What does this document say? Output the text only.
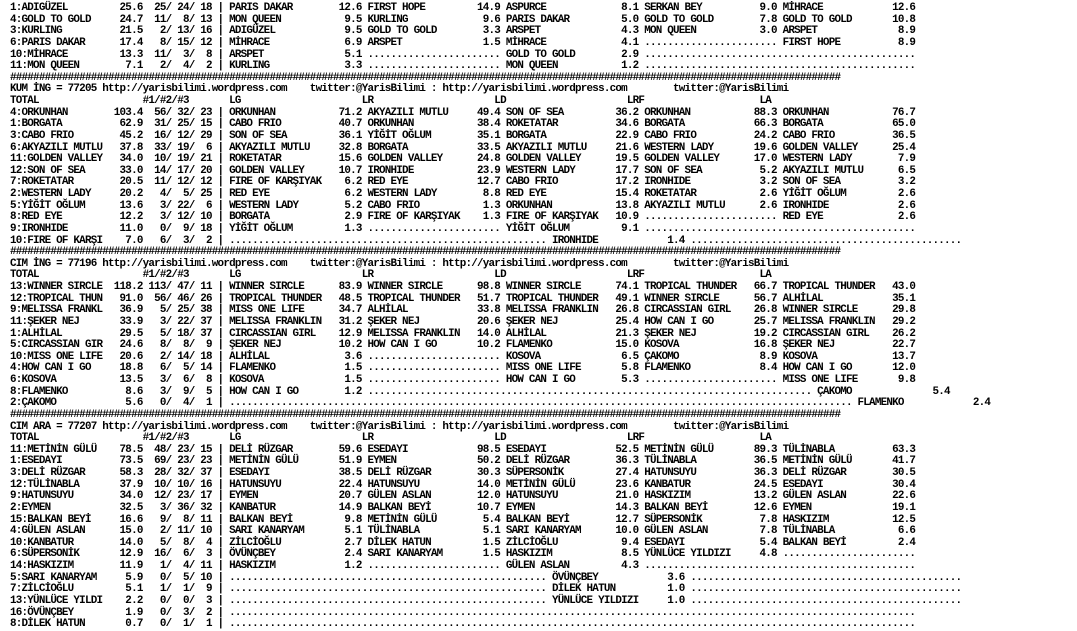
1:ADIGÜZEL         25.6  25/ 24/ 18 | PARIS DAKAR        12.6 FIRST HOPE         14.9 ASPURCE             8.1 SERKAN BEY          9.0 MİHRACE            12.6
4:GOLD TO GOLD     24.7  11/  8/ 13 | MON QUEEN           9.5 KURLING             9.6 PARIS DAKAR         5.0 GOLD TO GOLD        7.8 GOLD TO GOLD       10.8
3:KURLING          21.5   2/ 13/ 16 | ADIGÜZEL            9.5 GOLD TO GOLD        3.3 ARSPET              4.3 MON QUEEN           3.0 ARSPET              8.9
6:PARIS DAKAR      17.4   8/ 15/ 12 | MİHRACE             6.9 ARSPET              1.5 MİHRACE             4.1 ....................... FIRST HOPE          8.9
10:MİHRACE         13.3  11/  3/  8 | ARSPET              5.1 ....................... GOLD TO GOLD        2.9 ...............................................
11:MON QUEEN        7.1   2/  4/  2 | KURLING             3.3 ....................... MON QUEEN           1.2 ...............................................
################################################################################################################################################
KUM İNG = 77205 http://yarisbilimi.wordpress.com    twitter:@YarisBilimi : http://yarisbilimi.wordpress.com        twitter:@YarisBilimi
TOTAL                  #1/#2/#3       LG                     LR                     LD                     LRF                    LA
4:ORKUNHAN        103.4  56/ 32/ 23 | ORKUNHAN           71.2 AKYAZILI MUTLU     49.4 SON OF SEA         36.2 ORKUNHAN           88.3 ORKUNHAN           76.7
1:BORGATA          62.9  31/ 25/ 15 | CABO FRIO          40.7 ORKUNHAN           38.4 ROKETATAR          34.6 BORGATA            66.3 BORGATA            65.0
3:CABO FRIO        45.2  16/ 12/ 29 | SON OF SEA         36.1 YİĞİT OĞLUM        35.1 BORGATA            22.9 CABO FRIO          24.2 CABO FRIO          36.5
6:AKYAZILI MUTLU   37.8  33/ 19/  6 | AKYAZILI MUTLU     32.8 BORGATA            33.5 AKYAZILI MUTLU     21.6 WESTERN LADY       19.6 GOLDEN VALLEY      25.4
11:GOLDEN VALLEY   34.0  10/ 19/ 21 | ROKETATAR          15.6 GOLDEN VALLEY      24.8 GOLDEN VALLEY      19.5 GOLDEN VALLEY      17.0 WESTERN LADY        7.9
12:SON OF SEA      33.0  14/ 17/ 20 | GOLDEN VALLEY      10.7 IRONHIDE           23.9 WESTERN LADY       17.7 SON OF SEA          5.2 AKYAZILI MUTLU      6.5
7:ROKETATAR        20.5  11/ 12/ 12 | FIRE OF KARŞIYAK    6.2 RED EYE            12.7 CABO FRIO          17.2 IRONHIDE            3.2 SON OF SEA          3.2
2:WESTERN LADY     20.2   4/  5/ 25 | RED EYE             6.2 WESTERN LADY        8.8 RED EYE            15.4 ROKETATAR           2.6 YİĞİT OĞLUM         2.6
5:YİĞİT OĞLUM      13.6   3/ 22/  6 | WESTERN LADY        5.2 CABO FRIO           1.3 ORKUNHAN           13.8 AKYAZILI MUTLU      2.6 IRONHIDE            2.6
8:RED EYE          12.2   3/ 12/ 10 | BORGATA             2.9 FIRE OF KARŞIYAK    1.3 FIRE OF KARŞIYAK   10.9 ....................... RED EYE             2.6
9:IRONHIDE         11.0   0/  9/ 18 | YİĞİT OĞLUM         1.3 ....................... YİĞİT OĞLUM         9.1 ...............................................
10:FIRE OF KARŞI    7.0   6/  3/  2 | ....................................................... IRONHIDE            1.4 ...............................................
################################################################################################################################################
CIM İNG = 77196 http://yarisbilimi.wordpress.com    twitter:@YarisBilimi : http://yarisbilimi.wordpress.com        twitter:@YarisBilimi
TOTAL                  #1/#2/#3       LG                     LR                     LD                     LRF                    LA
13:WINNER SIRCLE  118.2 113/ 47/ 11 | WINNER SIRCLE      83.9 WINNER SIRCLE      98.8 WINNER SIRCLE      74.1 TROPICAL THUNDER   66.7 TROPICAL THUNDER   43.0
12:TROPICAL THUN   91.0  56/ 46/ 26 | TROPICAL THUNDER   48.5 TROPICAL THUNDER   51.7 TROPICAL THUNDER   49.1 WINNER SIRCLE      56.7 ALHİLAL            35.1
9:MELISSA FRANKL   36.9   5/ 25/ 38 | MISS ONE LIFE      34.7 ALHİLAL            33.8 MELISSA FRANKLIN   26.8 CIRCASSIAN GIRL    26.8 WINNER SIRCLE      29.8
11:ŞEKER NEJ       33.9   3/ 22/ 37 | MELISSA FRANKLIN   31.2 ŞEKER NEJ          20.6 ŞEKER NEJ          25.4 HOW CAN I GO       25.7 MELISSA FRANKLIN   29.2
1:ALHİLAL          29.5   5/ 18/ 37 | CIRCASSIAN GIRL    12.9 MELISSA FRANKLIN   14.0 ALHİLAL            21.3 ŞEKER NEJ          19.2 CIRCASSIAN GIRL    26.2
5:CIRCASSIAN GIR   24.6   8/  8/  9 | ŞEKER NEJ          10.2 HOW CAN I GO       10.2 FLAMENKO           15.0 KOSOVA             16.8 ŞEKER NEJ          22.7
10:MISS ONE LIFE   20.6   2/ 14/ 18 | ALHİLAL             3.6 ....................... KOSOVA              6.5 ÇAKOMO              8.9 KOSOVA             13.7
4:HOW CAN I GO     18.8   6/  5/ 14 | FLAMENKO            1.5 ....................... MISS ONE LIFE       5.8 FLAMENKO            8.4 HOW CAN I GO       12.0
6:KOSOVA           13.5   3/  6/  8 | KOSOVA              1.5 ....................... HOW CAN I GO        5.3 ....................... MISS ONE LIFE       9.8
8:FLAMENKO          8.6   3/  9/  5 | HOW CAN I GO        1.2 ............................................................................. ÇAKOMO              5.4
2:ÇAKOMO            5.6   0/  4/  1 | ............................................................................................................ FLAMENKO            2.4
################################################################################################################################################
CIM ARA = 77207 http://yarisbilimi.wordpress.com    twitter:@YarisBilimi : http://yarisbilimi.wordpress.com        twitter:@YarisBilimi
TOTAL                  #1/#2/#3       LG                     LR                     LD                     LRF                    LA
11:METİNİN GÜLÜ    78.5  48/ 23/ 15 | DELİ RÜZGAR        59.6 ESEDAYI            98.5 ESEDAYI            52.5 METİNİN GÜLÜ       89.3 TÜLİNABLA          63.3
1:ESEDAYI          73.5  69/ 23/ 23 | METİNİN GÜLÜ       51.9 EYMEN              50.2 DELİ RÜZGAR        36.3 TÜLİNABLA          36.5 METİNİN GÜLÜ       41.7
3:DELİ RÜZGAR      58.3  28/ 32/ 37 | ESEDAYI            38.5 DELİ RÜZGAR        30.3 SÜPERSONİK         27.4 HATUNSUYU          36.3 DELİ RÜZGAR        30.5
12:TÜLİNABLA       37.9  10/ 10/ 16 | HATUNSUYU          22.4 HATUNSUYU          14.0 METİNİN GÜLÜ       23.6 KANBATUR           24.5 ESEDAYI            30.4
9:HATUNSUYU        34.0  12/ 23/ 17 | EYMEN              20.7 GÜLEN ASLAN        12.0 HATUNSUYU          21.0 HASKIZIM           13.2 GÜLEN ASLAN        22.6
2:EYMEN            32.5   3/ 36/ 32 | KANBATUR           14.9 BALKAN BEYİ        10.7 EYMEN              14.3 BALKAN BEYİ        12.6 EYMEN              19.1
15:BALKAN BEYİ     16.6   9/  8/ 11 | BALKAN BEYİ         9.8 METİNİN GÜLÜ        5.4 BALKAN BEYİ        12.7 SÜPERSONİK          7.8 HASKIZIM           12.5
4:GÜLEN ASLAN      15.0   2/ 11/ 10 | SARI KANARYAM       5.1 TÜLİNABLA           5.1 SARI KANARYAM      10.0 GÜLEN ASLAN         7.8 TÜLİNABLA           6.6
10:KANBATUR        14.0   5/  8/  4 | ZİLCİOĞLU           2.7 DİLEK HATUN         1.5 ZİLCİOĞLU           9.4 ESEDAYI             5.4 BALKAN BEYİ         2.4
6:SÜPERSONİK       12.9  16/  6/  3 | ÖVÜNÇBEY            2.4 SARI KANARYAM       1.5 HASKIZIM            8.5 YÜNLÜCE YILDIZI     4.8 .......................
14:HASKIZIM        11.9   1/  4/ 11 | HASKIZIM            1.2 ....................... GÜLEN ASLAN         4.3 ...............................................
5:SARI KANARYAM     5.9   0/  5/ 10 | ....................................................... ÖVÜNÇBEY            3.6 ...............................................
7:ZİLCİOĞLU         5.1   1/  1/  9 | ....................................................... DİLEK HATUN         1.0 ...............................................
13:YÜNLÜCE YILDI    2.2   0/  0/  3 | ....................................................... YÜNLÜCE YILDIZI     1.0 ...............................................
16:ÖVÜNÇBEY         1.9   0/  3/  2 | .......................................................................................................................
8:DİLEK HATUN       0.7   0/  1/  1 | .......................................................................................................................
